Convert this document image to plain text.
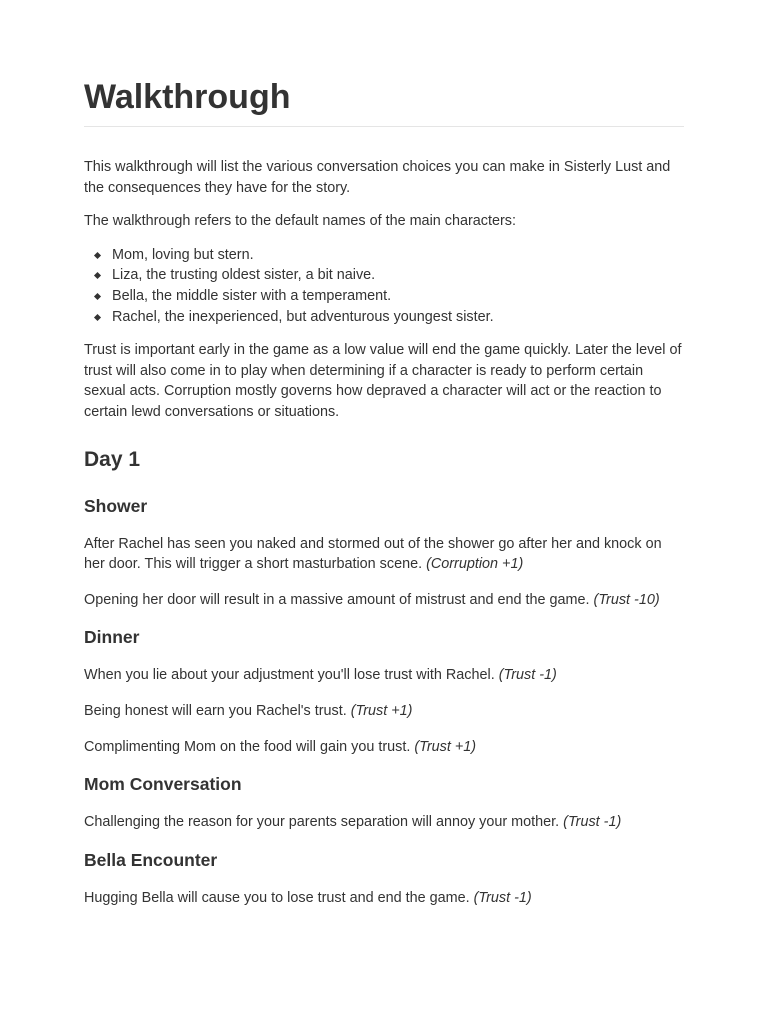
Walkthrough

This walkthrough will list the various conversation choices you can make in Sisterly Lust and the consequences they have for the story.

The walkthrough refers to the default names of the main characters:

Mom, loving but stern.
Liza, the trusting oldest sister, a bit naive.
Bella, the middle sister with a temperament.
Rachel, the inexperienced, but adventurous youngest sister.

Trust is important early in the game as a low value will end the game quickly. Later the level of trust will also come in to play when determining if a character is ready to perform certain sexual acts. Corruption mostly governs how depraved a character will act or the reaction to certain lewd conversations or situations.

Day 1
Shower

After Rachel has seen you naked and stormed out of the shower go after her and knock on her door. This will trigger a short masturbation scene. (Corruption +1)

Opening her door will result in a massive amount of mistrust and end the game. (Trust -10)

Dinner

When you lie about your adjustment you'll lose trust with Rachel. (Trust -1)

Being honest will earn you Rachel's trust. (Trust +1)

Complimenting Mom on the food will gain you trust. (Trust +1)

Mom Conversation

Challenging the reason for your parents separation will annoy your mother. (Trust -1)

Bella Encounter

Hugging Bella will cause you to lose trust and end the game. (Trust -1)
